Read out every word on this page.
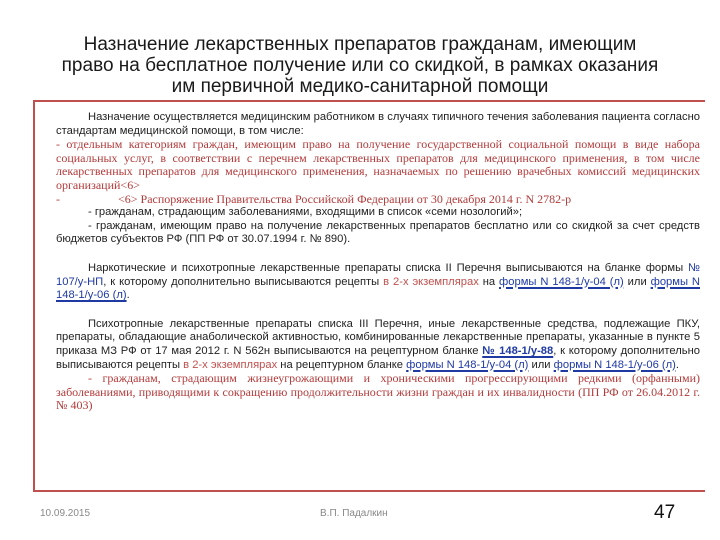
Назначение лекарственных препаратов гражданам, имеющим
право на бесплатное получение или со скидкой, в рамках оказания
им первичной медико-санитарной помощи

Назначение осуществляется медицинским работником в случаях типичного течения заболевания пациента согласно стандартам медицинской помощи, в том числе:

- отдельным категориям граждан, имеющим право на получение государственной социальной помощи в виде набора социальных услуг, в соответствии с перечнем лекарственных препаратов для медицинского применения, в том числе лекарственных препаратов для медицинского применения, назначаемых по решению врачебных комиссий медицинских организаций<6>

-	<6> Распоряжение Правительства Российской Федерации от 30 декабря 2014 г. N 2782-р

- гражданам, страдающим заболеваниями, входящими в список «семи нозологий»;

- гражданам, имеющим право на получение лекарственных препаратов бесплатно или со скидкой за счет средств бюджетов субъектов РФ (ПП РФ от 30.07.1994 г. № 890).

Наркотические и психотропные лекарственные препараты списка II Перечня выписываются на бланке формы № 107/у-НП, к которому дополнительно выписываются рецепты в 2-х экземплярах на формы N 148-1/у-04 (л) или формы N 148-1/у-06 (л).

Психотропные лекарственные препараты списка III Перечня, иные лекарственные средства, подлежащие ПКУ, препараты, обладающие анаболической активностью, комбинированные лекарственные препараты, указанные в пункте 5 приказа МЗ РФ от 17 мая 2012 г. N 562н выписываются на рецептурном бланке № 148-1/у-88, к которому дополнительно выписываются рецепты в 2-х экземплярах на рецептурном бланке формы N 148-1/у-04 (л) или формы N 148-1/у-06 (л).

- гражданам, страдающим жизнеугрожающими и хроническими прогрессирующими редкими (орфанными) заболеваниями, приводящими к сокращению продолжительности жизни граждан и их инвалидности (ПП РФ от 26.04.2012 г. № 403)

10.09.2015	В.П. Падалкин	47
